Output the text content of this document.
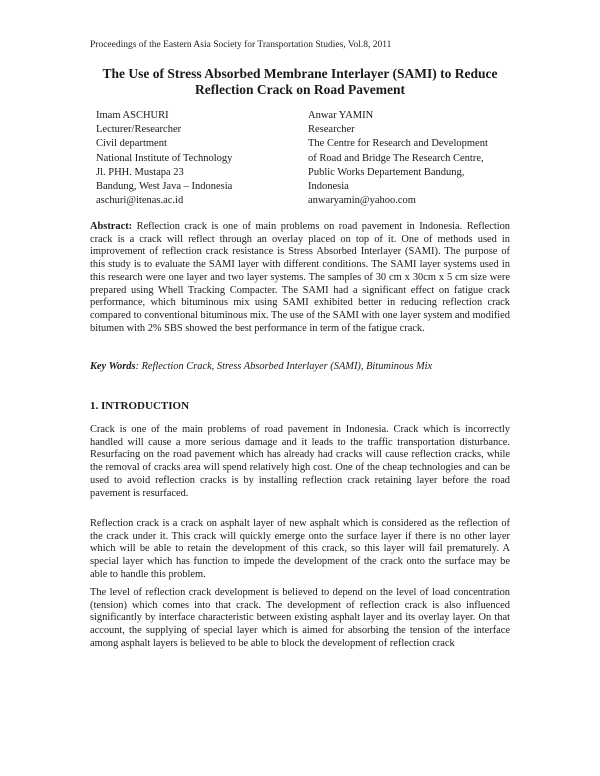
Proceedings of the Eastern Asia Society for Transportation Studies, Vol.8, 2011
The Use of Stress Absorbed Membrane Interlayer (SAMI) to Reduce
Reflection Crack on Road Pavement
Imam ASCHURI
Lecturer/Researcher
Civil department
National Institute of Technology
Jl. PHH. Mustapa 23
Bandung, West Java – Indonesia
aschuri@itenas.ac.id
Anwar YAMIN
Researcher
The Centre for Research and Development
of Road and Bridge The Research Centre,
Public Works Departement Bandung,
Indonesia
anwaryamin@yahoo.com
Abstract: Reflection crack is one of main problems on road pavement in Indonesia. Reflection crack is a crack will reflect through an overlay placed on top of it. One of methods used in improvement of reflection crack resistance is Stress Absorbed Interlayer (SAMI). The purpose of this study is to evaluate the SAMI layer with different conditions. The SAMI layer systems used in this research were one layer and two layer systems. The samples of 30 cm x 30cm x 5 cm size were prepared using Whell Tracking Compacter. The SAMI had a significant effect on fatigue crack performance, which bituminous mix using SAMI exhibited better in reducing reflection crack compared to conventional bituminous mix. The use of the SAMI with one layer system and modified bitumen with 2% SBS showed the best performance in term of the fatigue crack.
Key Words: Reflection Crack, Stress Absorbed Interlayer (SAMI), Bituminous Mix
1. INTRODUCTION
Crack is one of the main problems of road pavement in Indonesia. Crack which is incorrectly handled will cause a more serious damage and it leads to the traffic transportation disturbance. Resurfacing on the road pavement which has already had cracks will cause reflection cracks, while the removal of cracks area will spend relatively high cost. One of the cheap technologies and can be used to avoid reflection cracks is by installing reflection crack retaining layer before the road pavement is resurfaced.
Reflection crack is a crack on asphalt layer of new asphalt which is considered as the reflection of the crack under it. This crack will quickly emerge onto the surface layer if there is no other layer which will be able to retain the development of this crack, so this layer will fail prematurely. A special layer which has function to impede the development of the crack onto the surface may be able to handle this problem.
The level of reflection crack development is believed to depend on the level of load concentration (tension) which comes into that crack. The development of reflection crack is also influenced significantly by interface characteristic between existing asphalt layer and its overlay layer. On that account, the supplying of special layer which is aimed for absorbing the tension of the interface among asphalt layers is believed to be able to block the development of reflection crack
